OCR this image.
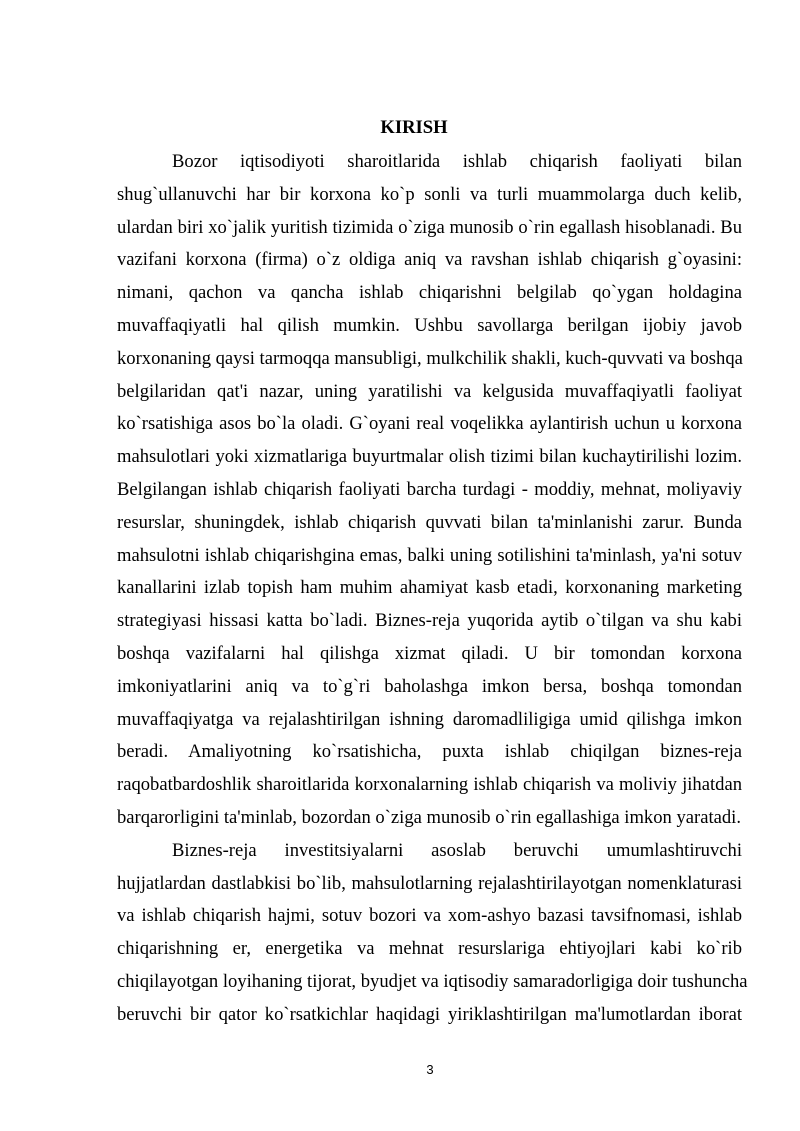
KIRISH
Bozor iqtisodiyoti sharoitlarida ishlab chiqarish faoliyati bilan
shug`ullanuvchi har bir korxona ko`p sonli va turli muammolarga duch kelib,
ulardan biri xo`jalik yuritish tizimida o`ziga munosib o`rin egallash hisoblanadi. Bu
vazifani korxona (firma) o`z oldiga aniq va ravshan ishlab chiqarish g`oyasini:
nimani, qachon va qancha ishlab chiqarishni belgilab qo`ygan holdagina
muvaffaqiyatli hal qilish mumkin. Ushbu savollarga berilgan ijobiy javob
korxonaning qaysi tarmoqqa mansubligi, mulkchilik shakli, kuch-quvvati va boshqa
belgilaridan qat'i nazar, uning yaratilishi va kelgusida muvaffaqiyatli faoliyat
ko`rsatishiga asos bo`la oladi. G`oyani real voqelikka aylantirish uchun u korxona
mahsulotlari yoki xizmatlariga buyurtmalar olish tizimi bilan kuchaytirilishi lozim.
Belgilangan ishlab chiqarish faoliyati barcha turdagi - moddiy, mehnat, moliyaviy
resurslar, shuningdek, ishlab chiqarish quvvati bilan ta'minlanishi zarur. Bunda
mahsulotni ishlab chiqarishgina emas, balki uning sotilishini ta'minlash, ya'ni sotuv
kanallarini izlab topish ham muhim ahamiyat kasb etadi, korxonaning marketing
strategiyasi hissasi katta bo`ladi. Biznes-reja yuqorida aytib o`tilgan va shu kabi
boshqa vazifalarni hal qilishga xizmat qiladi. U bir tomondan korxona
imkoniyatlarini aniq va to`g`ri baholashga imkon bersa, boshqa tomondan
muvaffaqiyatga va rejalashtirilgan ishning daromadliligiga umid qilishga imkon
beradi. Amaliyotning ko`rsatishicha, puxta ishlab chiqilgan biznes-reja
raqobatbardoshlik sharoitlarida korxonalarning ishlab chiqarish va moliviy jihatdan
barqarorligini ta'minlab, bozordan o`ziga munosib o`rin egallashiga imkon yaratadi.
Biznes-reja investitsiyalarni asoslab beruvchi umumlashtiruvchi
hujjatlardan dastlabkisi bo`lib, mahsulotlarning rejalashtirilayotgan nomenklaturasi
va ishlab chiqarish hajmi, sotuv bozori va xom-ashyo bazasi tavsifnomasi, ishlab
chiqarishning er, energetika va mehnat resurslariga ehtiyojlari kabi ko`rib
chiqilayotgan loyihaning tijorat, byudjet va iqtisodiy samaradorligiga doir tushuncha
beruvchi bir qator ko`rsatkichlar haqidagi yiriklashtirilgan ma'lumotlardan iborat
3
